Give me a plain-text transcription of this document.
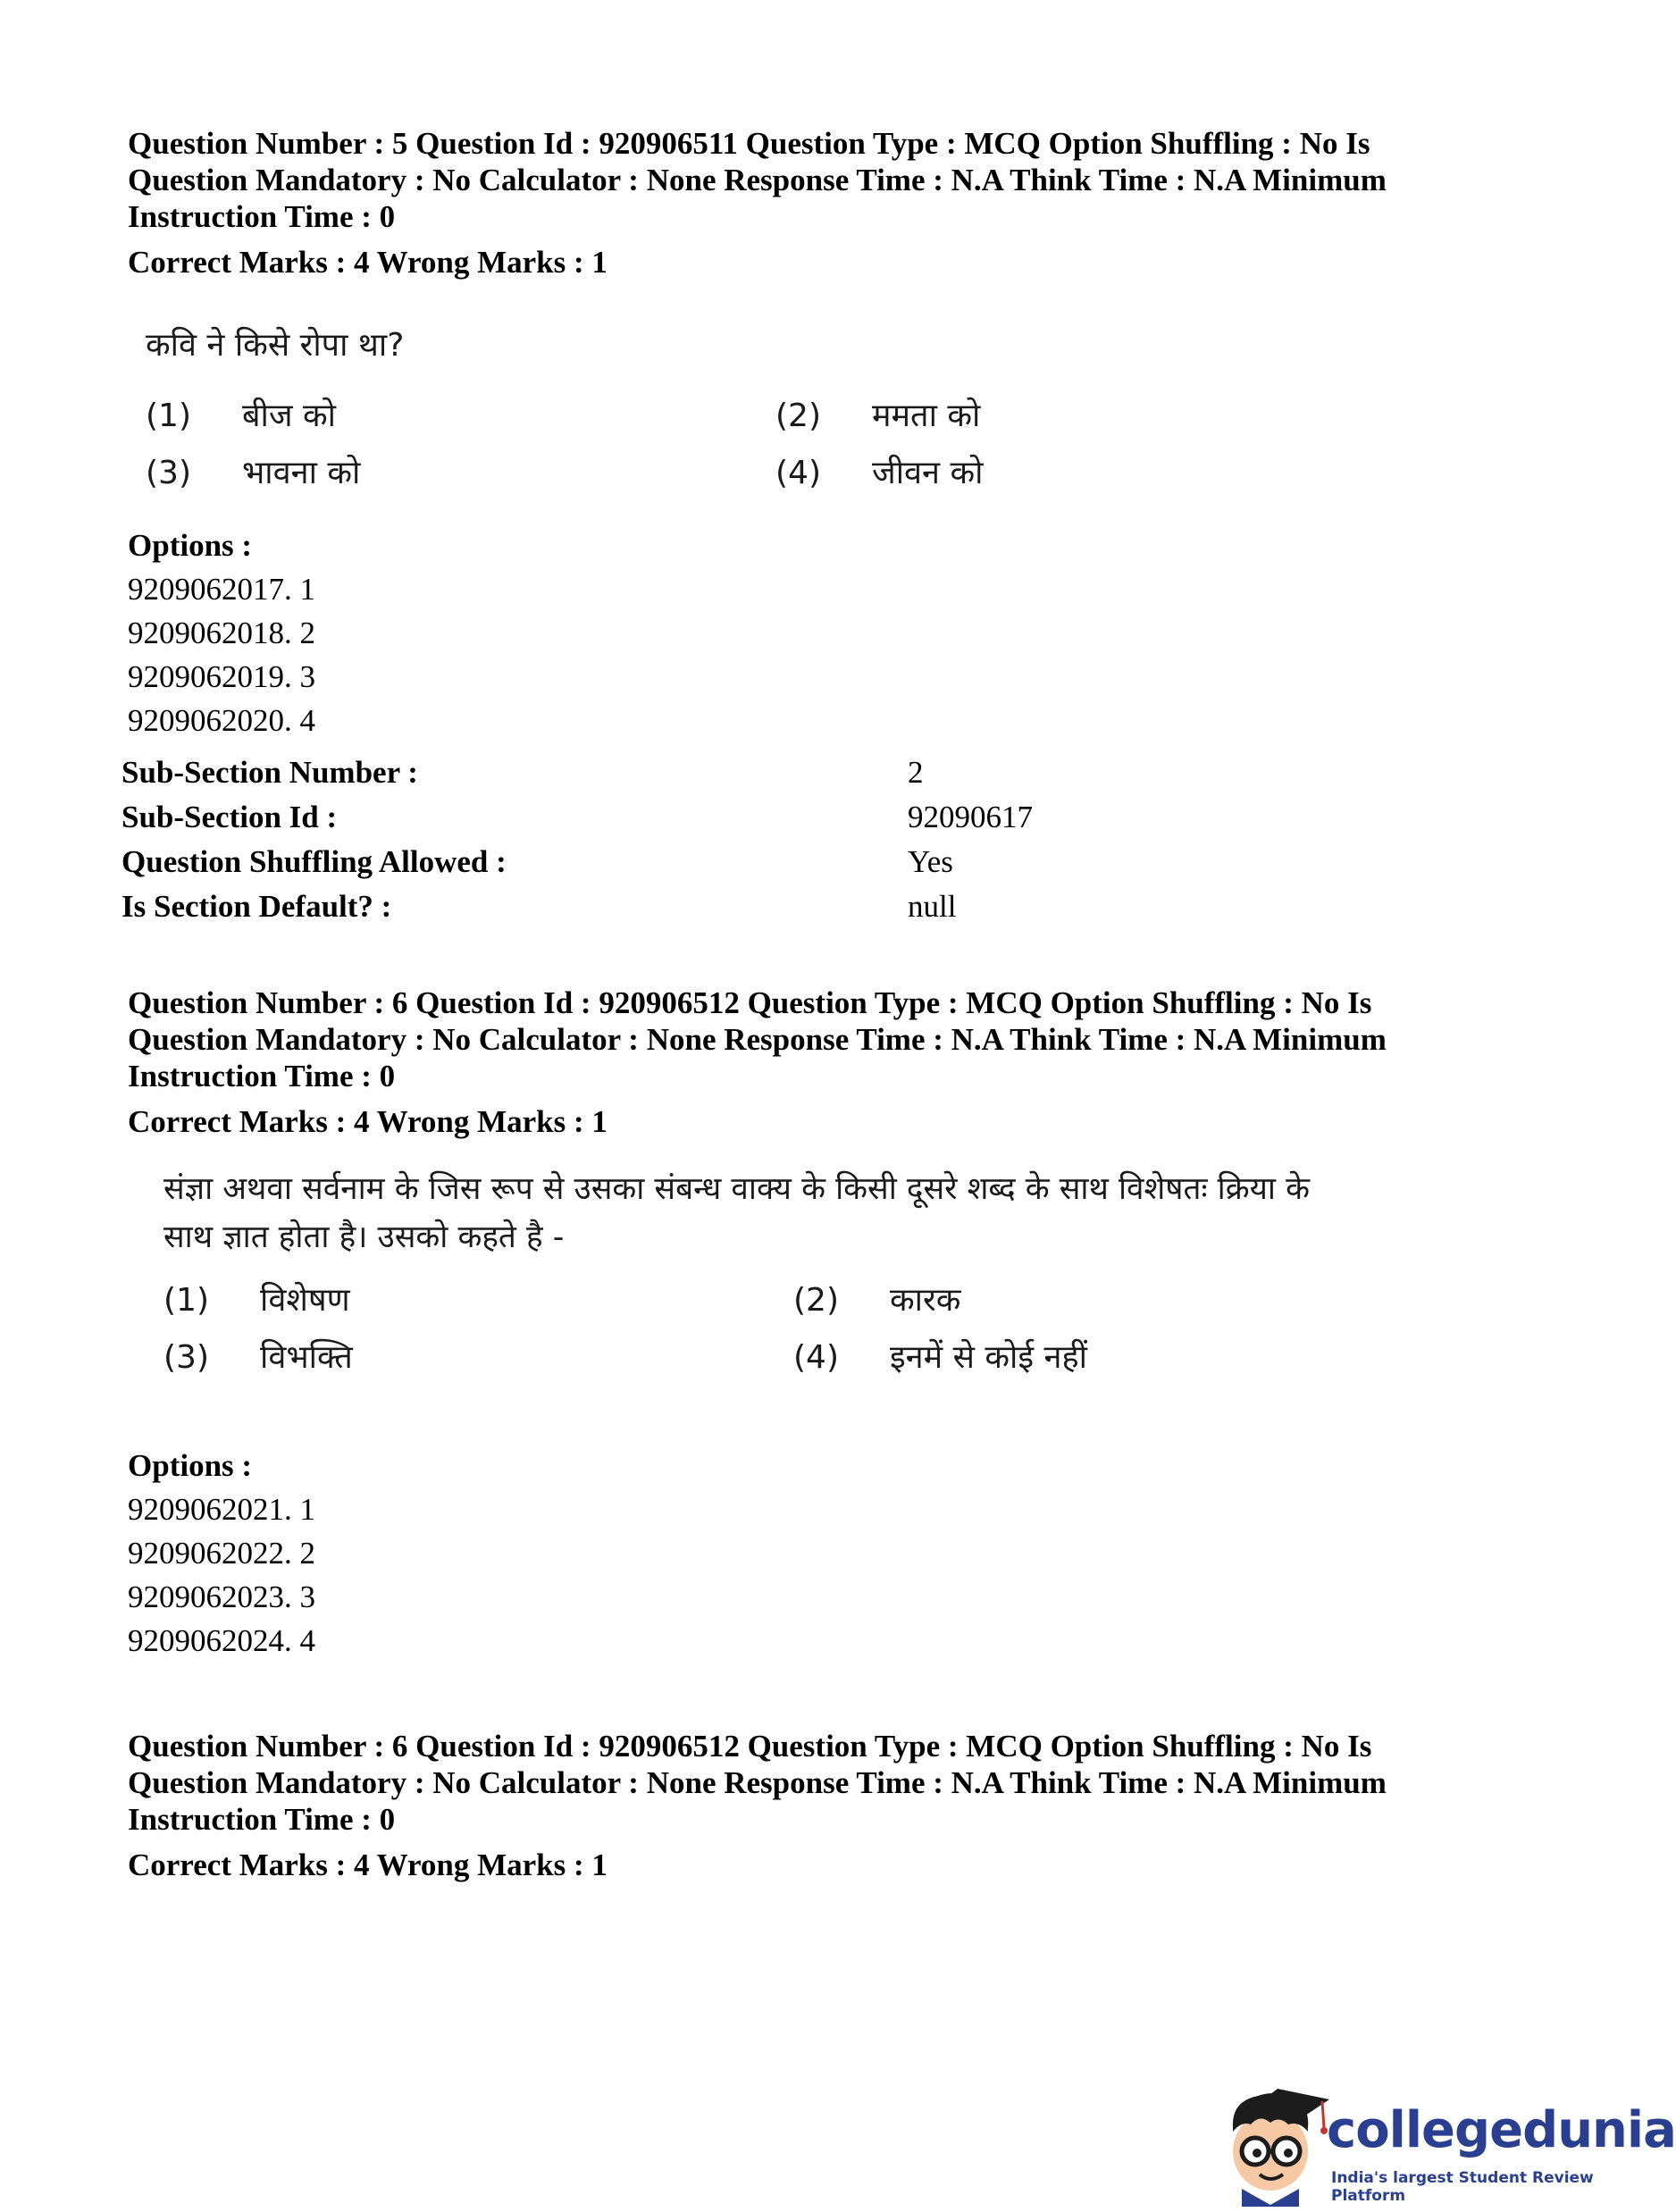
Question Number : 5 Question Id : 920906511 Question Type : MCQ Option Shuffling : No Is

Question Mandatory : No Calculator : None Response Time : N.A Think Time : N.A Minimum

Instruction Time : 0

Correct Marks : 4 Wrong Marks : 1
कवि ने किसे रोपा था?
(1) बीज को	(2) ममता को
(3) भावना को	(4) जीवन को
Options :
9209062017. 1
9209062018. 2
9209062019. 3
9209062020. 4
Sub-Section Number :	2
Sub-Section Id :	92090617
Question Shuffling Allowed :	Yes
Is Section Default? :	null

Question Number : 6 Question Id : 920906512 Question Type : MCQ Option Shuffling : No Is

Question Mandatory : No Calculator : None Response Time : N.A Think Time : N.A Minimum

Instruction Time : 0

Correct Marks : 4 Wrong Marks : 1
संज्ञा अथवा सर्वनाम के जिस रूप से उसका संबन्ध वाक्य के किसी दूसरे शब्द के साथ विशेषतः क्रिया के
साथ ज्ञात होता है। उसको कहते है -
(1) विशेषण	(2) कारक
(3) विभक्ति	(4) इनमें से कोई नहीं
Options :
9209062021. 1
9209062022. 2
9209062023. 3
9209062024. 4

Question Number : 6 Question Id : 920906512 Question Type : MCQ Option Shuffling : No Is

Question Mandatory : No Calculator : None Response Time : N.A Think Time : N.A Minimum

Instruction Time : 0

Correct Marks : 4 Wrong Marks : 1
collegedunia
India's largest Student Review Platform
